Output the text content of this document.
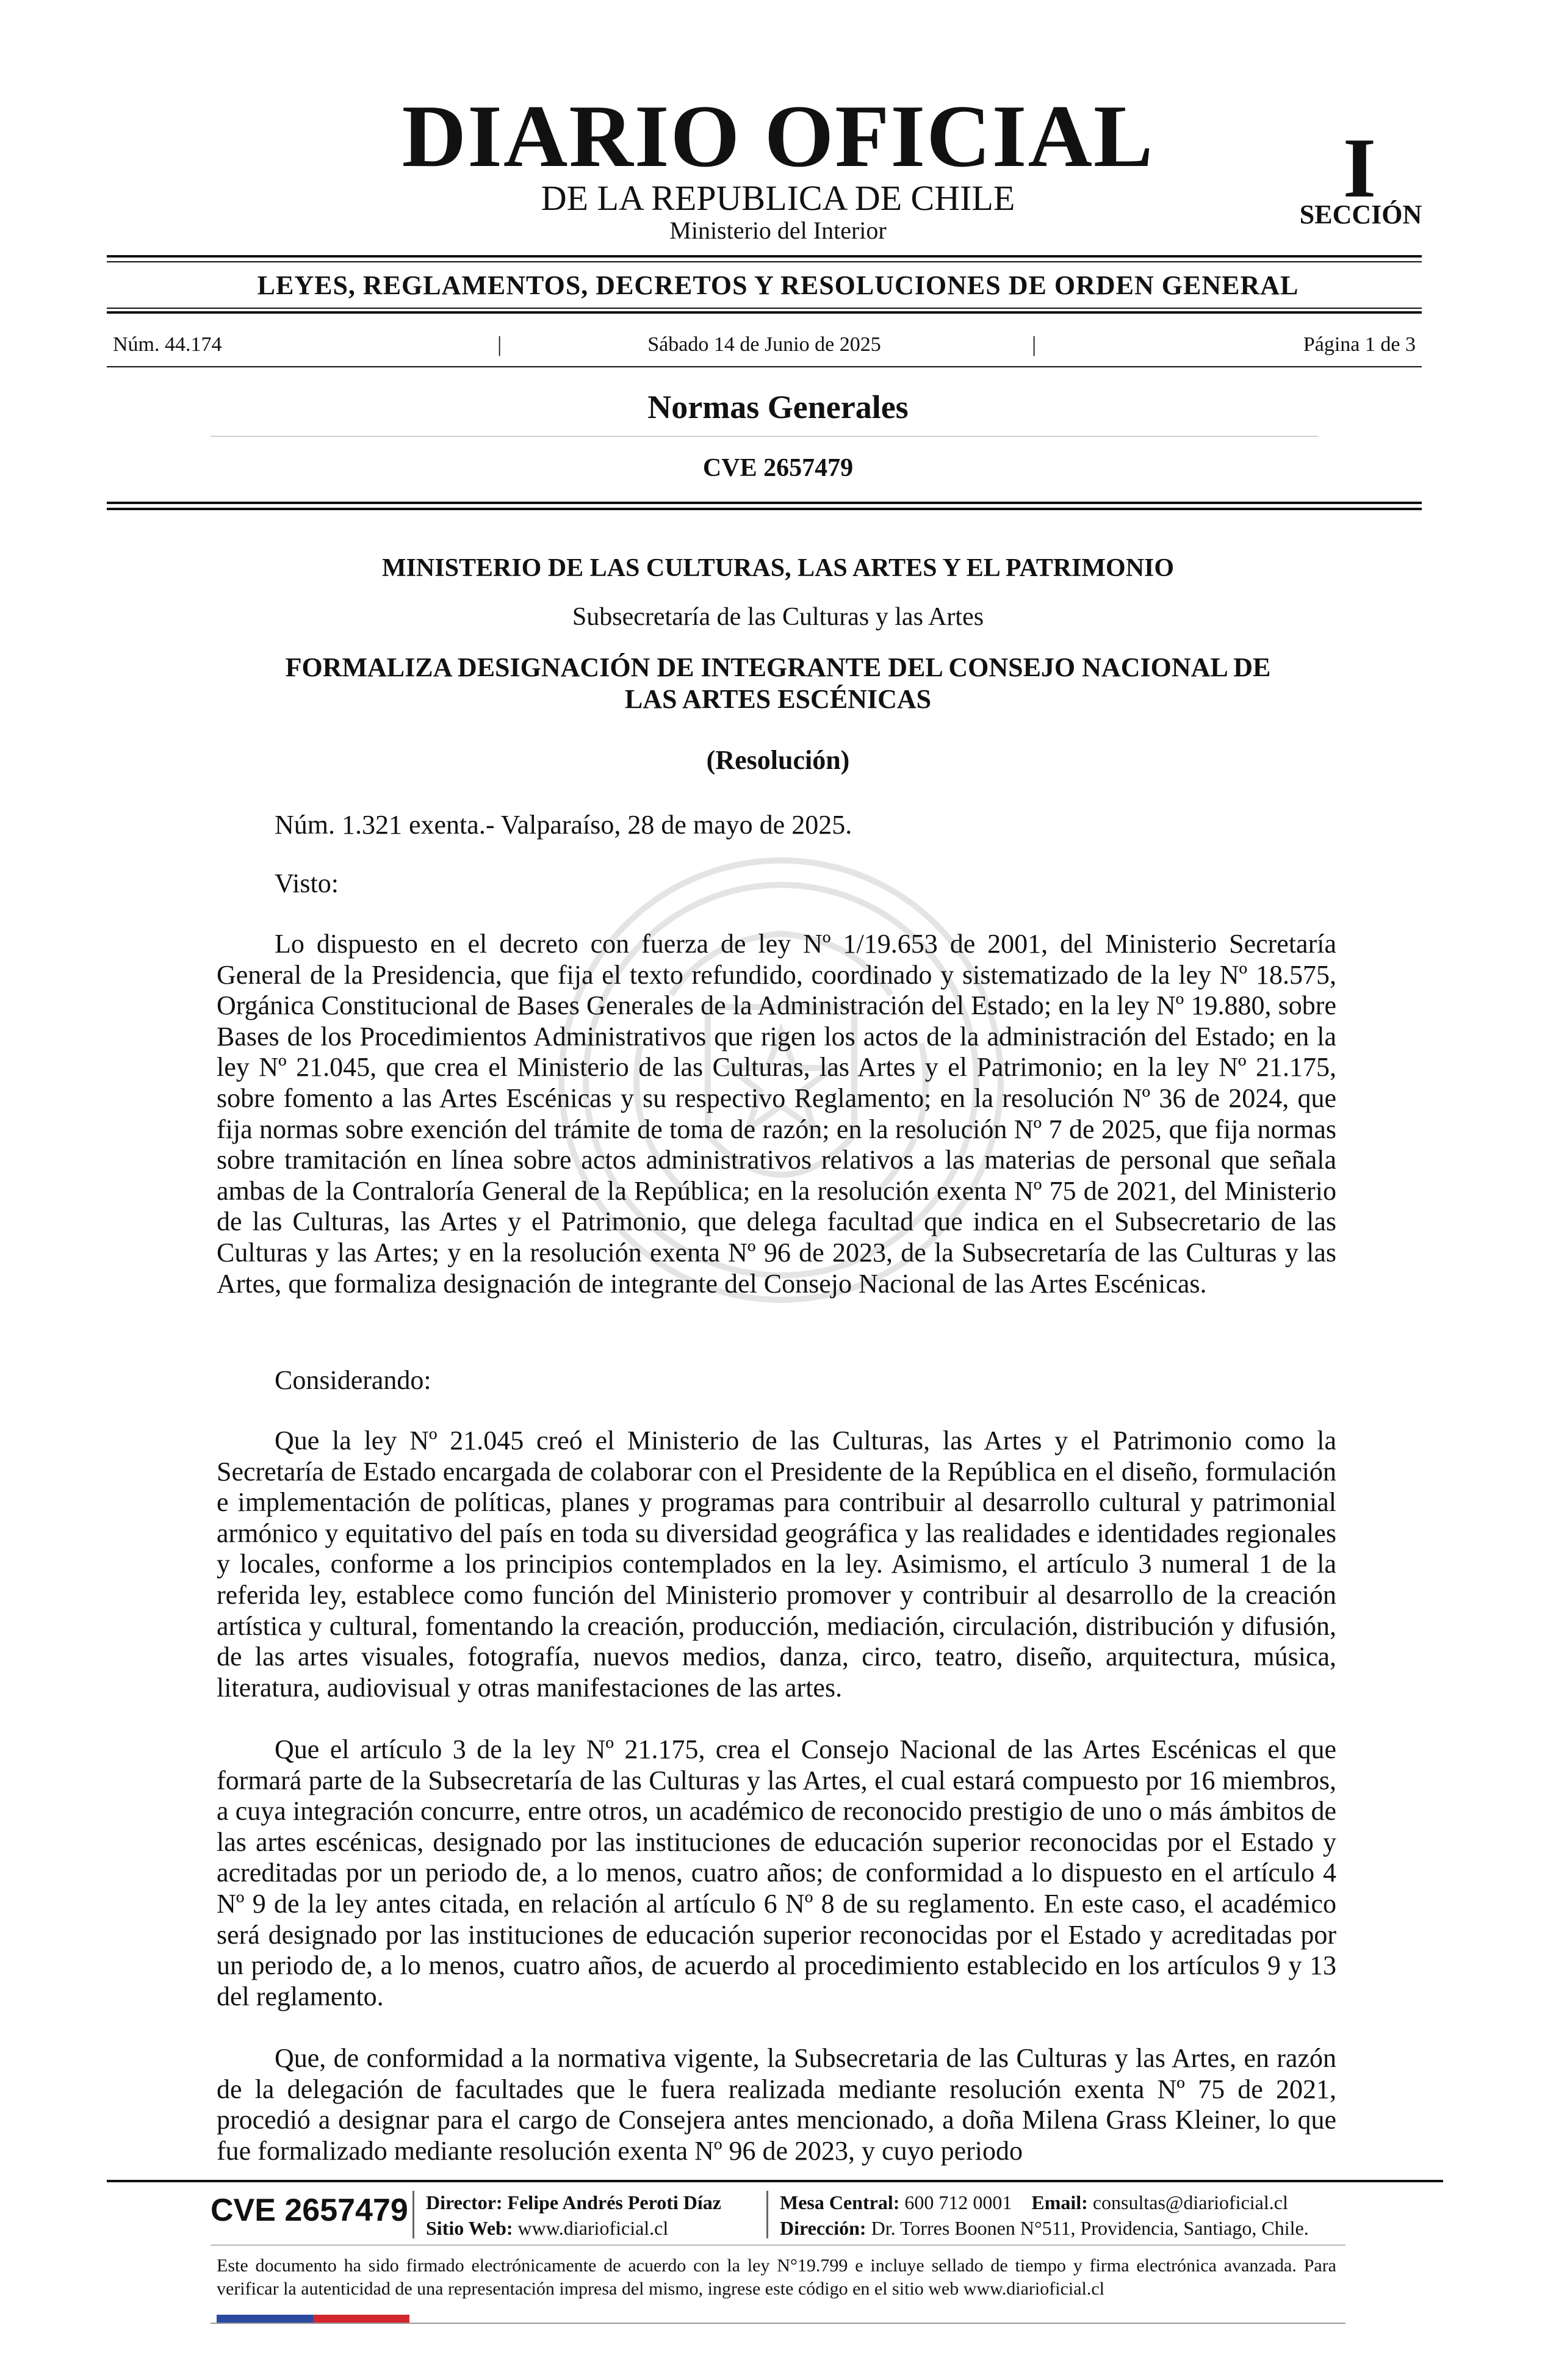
DIARIO OFICIAL
DE LA REPUBLICA DE CHILE
Ministerio del Interior
I
SECCIÓN
LEYES, REGLAMENTOS, DECRETOS Y RESOLUCIONES DE ORDEN GENERAL
Núm. 44.174	|	Sábado 14 de Junio de 2025	|	Página 1 de 3
Normas Generales
CVE 2657479
MINISTERIO DE LAS CULTURAS, LAS ARTES Y EL PATRIMONIO
Subsecretaría de las Culturas y las Artes
FORMALIZA DESIGNACIÓN DE INTEGRANTE DEL CONSEJO NACIONAL DE
LAS ARTES ESCÉNICAS
(Resolución)
Núm. 1.321 exenta.- Valparaíso, 28 de mayo de 2025.
Visto:
Lo dispuesto en el decreto con fuerza de ley Nº 1/19.653 de 2001, del Ministerio Secretaría General de la Presidencia, que fija el texto refundido, coordinado y sistematizado de la ley Nº 18.575, Orgánica Constitucional de Bases Generales de la Administración del Estado; en la ley Nº 19.880, sobre Bases de los Procedimientos Administrativos que rigen los actos de la administración del Estado; en la ley Nº 21.045, que crea el Ministerio de las Culturas, las Artes y el Patrimonio; en la ley Nº 21.175, sobre fomento a las Artes Escénicas y su respectivo Reglamento; en la resolución Nº 36 de 2024, que fija normas sobre exención del trámite de toma de razón; en la resolución Nº 7 de 2025, que fija normas sobre tramitación en línea sobre actos administrativos relativos a las materias de personal que señala ambas de la Contraloría General de la República; en la resolución exenta Nº 75 de 2021, del Ministerio de las Culturas, las Artes y el Patrimonio, que delega facultad que indica en el Subsecretario de las Culturas y las Artes; y en la resolución exenta Nº 96 de 2023, de la Subsecretaría de las Culturas y las Artes, que formaliza designación de integrante del Consejo Nacional de las Artes Escénicas.
Considerando:
Que la ley Nº 21.045 creó el Ministerio de las Culturas, las Artes y el Patrimonio como la Secretaría de Estado encargada de colaborar con el Presidente de la República en el diseño, formulación e implementación de políticas, planes y programas para contribuir al desarrollo cultural y patrimonial armónico y equitativo del país en toda su diversidad geográfica y las realidades e identidades regionales y locales, conforme a los principios contemplados en la ley. Asimismo, el artículo 3 numeral 1 de la referida ley, establece como función del Ministerio promover y contribuir al desarrollo de la creación artística y cultural, fomentando la creación, producción, mediación, circulación, distribución y difusión, de las artes visuales, fotografía, nuevos medios, danza, circo, teatro, diseño, arquitectura, música, literatura, audiovisual y otras manifestaciones de las artes.
Que el artículo 3 de la ley Nº 21.175, crea el Consejo Nacional de las Artes Escénicas el que formará parte de la Subsecretaría de las Culturas y las Artes, el cual estará compuesto por 16 miembros, a cuya integración concurre, entre otros, un académico de reconocido prestigio de uno o más ámbitos de las artes escénicas, designado por las instituciones de educación superior reconocidas por el Estado y acreditadas por un periodo de, a lo menos, cuatro años; de conformidad a lo dispuesto en el artículo 4 Nº 9 de la ley antes citada, en relación al artículo 6 Nº 8 de su reglamento. En este caso, el académico será designado por las instituciones de educación superior reconocidas por el Estado y acreditadas por un periodo de, a lo menos, cuatro años, de acuerdo al procedimiento establecido en los artículos 9 y 13 del reglamento.
Que, de conformidad a la normativa vigente, la Subsecretaria de las Culturas y las Artes, en razón de la delegación de facultades que le fuera realizada mediante resolución exenta Nº 75 de 2021, procedió a designar para el cargo de Consejera antes mencionado, a doña Milena Grass Kleiner, lo que fue formalizado mediante resolución exenta Nº 96 de 2023, y cuyo periodo
CVE 2657479 Director: Felipe Andrés Peroti Díaz
Sitio Web: www.diarioficial.cl
Mesa Central: 600 712 0001 Email: consultas@diarioficial.cl
Dirección: Dr. Torres Boonen N°511, Providencia, Santiago, Chile.
Este documento ha sido firmado electrónicamente de acuerdo con la ley N°19.799 e incluye sellado de tiempo y firma electrónica avanzada. Para verificar la autenticidad de una representación impresa del mismo, ingrese este código en el sitio web www.diarioficial.cl
